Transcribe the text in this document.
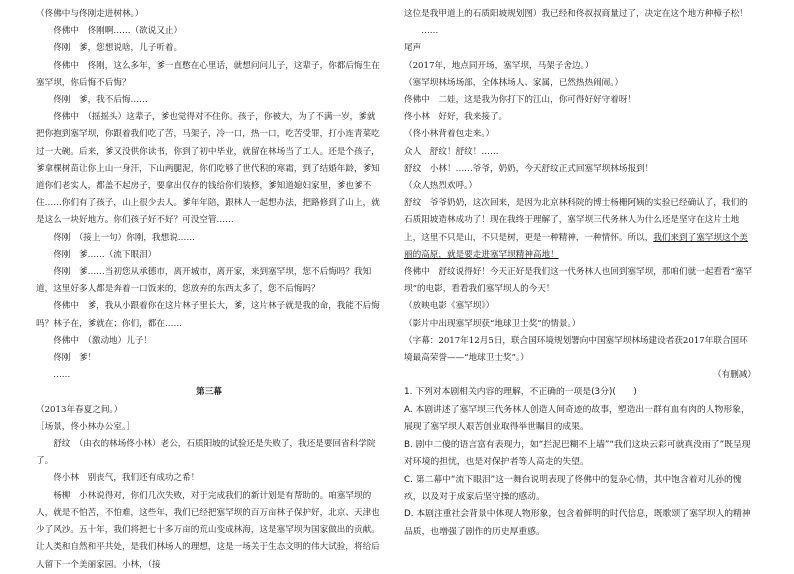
（佟佛中与佟刚走进树林。）

佟佛中　佟刚啊……（欲说又止）

佟刚　爹，您想说啥，儿子听着。

佟佛中　佟刚，这么多年，爹一直憋在心里话，就想问问儿子，这辈子，你都后悔生在塞罕坝，你后悔不后悔？

佟刚　爹，我不后悔……

佟佛中　（摇摇头）这辈子，爹也觉得对不住你。孩子，你被大，为了不满一岁，爹就把你抱到塞罕坝，你跟着我们吃了苦，马架子，冷一口，热一口，吃苦受罪，打小连青菜吃过一大碗。后来，爹又没供你读书，你到了初中毕业，就留在林场当了工人。还是个孩子，爹拿棵树苗让你上山一身汗，下山两腿泥，你们吃够了世代积的寒霜，到了结婚年龄，爹知道你们老实人，都盖不起房子，要拿出仅存的钱给你们装修，爹知道媳妇家里，爹也爹不住……你们有了孩子，山上很少去人。爹年年陪，跟林人一起想办法，把路修到了山上，就是这么一块好地方。你们孩子好不好？可没空管……

佟刚　（接上一句）你刚，我想说……

佟刚　爹……（流下眼泪）

佟刚　爹……当初您从承德市，离开城市，离开家，来到塞罕坝，您不后悔吗？我知道，这里好多人都是奔着一口饭来的，您放弃的东西太多了，您不后悔吗？

佟佛中　爹，我从小跟着你在这片林子里长大，爹，这片林子就是我的命，我能不后悔吗？林子在，爹就在；你们，都在……

佟佛中　（激动地）儿子！

佟刚　爹！

……

第三幕

（2013年春夏之间。）

［场景，佟小林办公室。］

舒纹　（由衣的林场佟小林）老公，石质阳坡的试验还是失败了，我还是要回省科学院了。

佟小林　别丧气，我们还有成功之希！

杨柳　小林说得对，你们几次失败，对于完成我们的新计划是有帮助的。咱塞罕坝的人，就是不怕苦，不怕难，这些年，我们已经把塞罕坝的百万亩林子保护好，北京、天津也少了风沙。五十年，我们将把七十多万亩的荒山变成林海，这是塞罕坝为国家做出的贡献。让人类和自然和平共处，是我们林场人的理想，这是一场关于生态文明的伟大试验，将给后人留下一个美丽家园。小林，（接

这位是我甲道上的石质阳坡规划图）我已经和佟叔叔商量过了，决定在这个地方种樟子松！

……

尾声

（2017年，地点同开场，塞罕坝，马架子舍边。）

（塞罕坝林场场部，全体林场人、家属，已然热热闹闹。）

佟佛中　二娃，这是我为你打下的江山，你可得好好守着呀！

佟小林　好好，我来接了。

（佟小林背着包走来。）

众人　舒纹！舒纹！……

舒纹　小林！……爷爷，奶奶，今天舒纹正式回塞罕坝林场报到！

（众人热烈欢呼。）

舒纹　爷爷奶奶，这次回来，是因为北京林科院的博士杨栅阿姨的实验已经确认了，我们的石质阳坡造林成功了！现在我终于理解了，塞罕坝三代务林人为什么还是坚守在这片土地上，这里不只是山，不只是树，更是一种精神，一种情怀。所以，我们来到了塞罕坝这个美丽的高原，就是要走进塞罕坝精神高地！

佟佛中　舒纹说得好！今天正好是我们这一代务林人也回到塞罕坝，那咱们就一起看看“塞罕坝”的电影，看看我们塞罕坝人的今天！

（放映电影《塞罕坝》）

（影片中出现塞罕坝获“地球卫士奖”的情景。）

（字幕：2017年12月5日，联合国环境规划署向中国塞罕坝林场建设者获2017年联合国环境最高荣誉——“地球卫士奖”。）

（有删减）

1. 下列对本剧相关内容的理解，不正确的一项是(3分)(　　)

A. 本剧讲述了塞罕坝三代务林人创造人间奇迹的故事，塑造出一群有血有肉的人物形象，展现了塞罕坝人艰苦创业取得举世瞩目的成果。

B. 剧中二傻的语言富有表现力，如“拦泥巴糊不上墙”“我们这块云彩可就真没雨了”既呈现对环境的担忧，也是对保护者等人高走的失望。

C. 第二幕中“流下眼泪”这一舞台说明表现了佟佛中的复杂心情，其中饱含着对儿孙的愧疚，以及对于成家后坚守操的感动。

D. 本剧注重社会背景中体现人物形象，包含着鲜明的时代信息，既歌颂了塞罕坝人的精神品质，也增强了剧作的历史厚重感。
